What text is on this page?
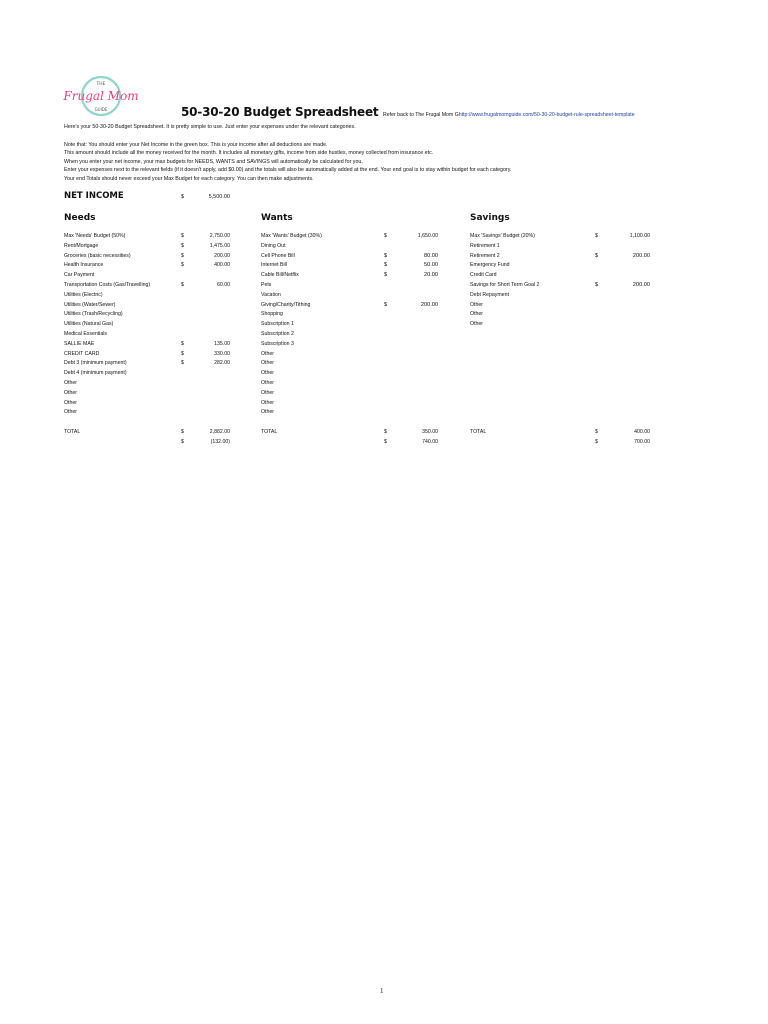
THE
Frugal Mom
GUIDE	50-30-20 Budget Spreadsheet Refer back to The Frugal Mom Ghttp://www.frugalmomguide.com/50-30-20-budget-rule-spreadsheet-template
Here's your 50-30-20 Budget Spreadsheet. It is pretty simple to use. Just enter your expenses under the relevant categories.
Note that: You should enter your Net Income in the green box. This is your income after all deductions are made.
This amount should include all the money received for the month. It includes all monetary gifts, income from side hustles, money collected from insurance etc.
When you enter your net income, your max budgets for NEEDS, WANTS and SAVINGS will automatically be calculated for you.
Enter your expenses next to the relevant fields (if it doesn't apply, add $0.00) and the totals will also be automatically added at the end. Your end goal is to stay within budget for each category.
Your end Totals should never exceed your Max Budget for each category. You can then make adjustments.
NET INCOME	$	5,500.00
Needs	Wants	Savings
Max 'Needs' Budget (50%)	$	2,750.00
Rent/Mortgage	$	1,475.00
Groceries (basic necessities)	$	200.00
Health Insurance	$	400.00
Car Payment
Transportation Costs (Gas/Travelling)	$	60.00
Utilities (Electric)
Utilities (Water/Sewer)
Utilities (Trash/Recycling)
Utilities (Natural Gas)
Medical Essentials
SALLIE MAE	$	135.00
CREDIT CARD	$	330.00
Debt 3 (minimum payment)	$	282.00
Debt 4 (minimum payment)
Other
Other
Other
Other
Max 'Wants' Budget (30%)	$	1,650.00
Dining Out
Cell Phone Bill	$	80.00
Internet Bill	$	50.00
Cable Bill/Netflix	$	20.00
Pets
Vacation
Giving/Charity/Tithing	$	200.00
Shopping
Subscription 1
Subscription 2
Subscription 3
Other
Other
Other
Other
Other
Other
Other
Max 'Savings' Budget (20%)	$	1,100.00
Retirement 1
Retirement 2	$	200.00
Emergency Fund
Credit Card
Savings for Short Term Goal 2	$	200.00
Debt Repayment
Other
Other
Other
TOTAL	$	2,882.00
$	(132.00)
TOTAL	$	350.00
$	740.00
TOTAL	$	400.00
$	700.00
1
